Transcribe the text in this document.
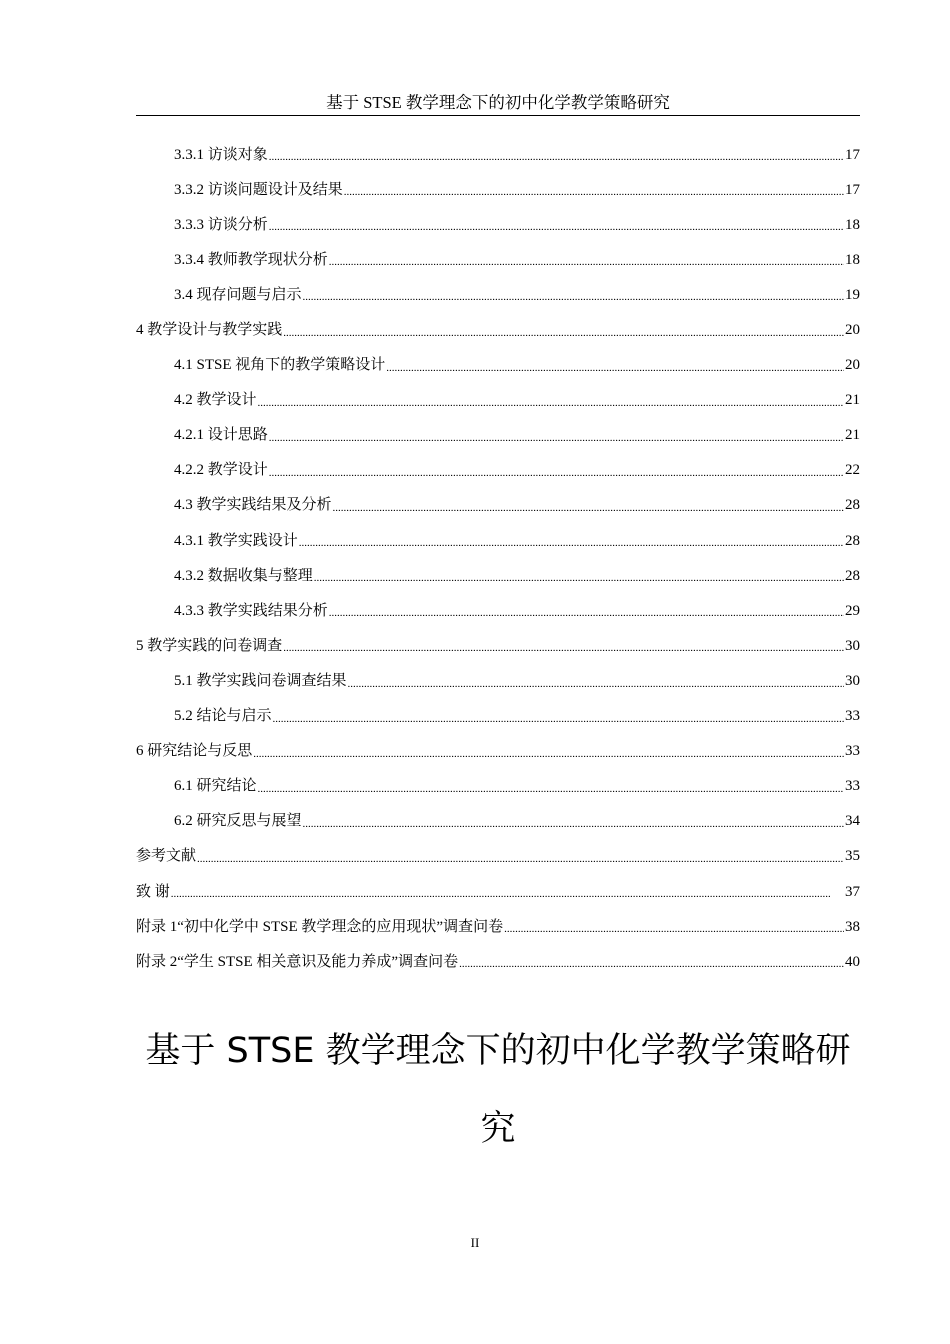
基于 STSE 教学理念下的初中化学教学策略研究
3.3.1 访谈对象 .....	17
3.3.2 访谈问题设计及结果 .....	17
3.3.3 访谈分析 .....	18
3.3.4 教师教学现状分析 .....	18
3.4 现存问题与启示 .....	19
4 教学设计与教学实践 .....	20
4.1 STSE 视角下的教学策略设计 .....	20
4.2 教学设计 .....	21
4.2.1 设计思路 .....	21
4.2.2 教学设计 .....	22
4.3 教学实践结果及分析 .....	28
4.3.1 教学实践设计 .....	28
4.3.2 数据收集与整理 .....	28
4.3.3 教学实践结果分析 .....	29
5 教学实践的问卷调查 .....	30
5.1 教学实践问卷调查结果 .....	30
5.2 结论与启示 .....	33
6 研究结论与反思 .....	33
6.1 研究结论 .....	33
6.2 研究反思与展望 .....	34
参考文献 .....	35
致 谢 .....	37
附录 1“初中化学中 STSE 教学理念的应用现状”调查问卷 .....	38
附录 2“学生 STSE 相关意识及能力养成”调查问卷 .....	40
基于 STSE 教学理念下的初中化学教学策略研
究
II
